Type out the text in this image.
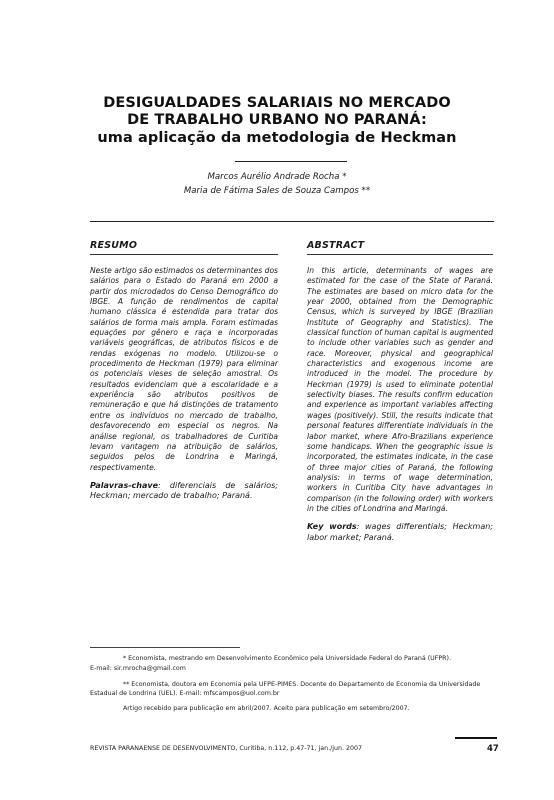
DESIGUALDADES SALARIAIS NO MERCADO
DE TRABALHO URBANO NO PARANÁ:
uma aplicação da metodologia de Heckman
Marcos Aurélio Andrade Rocha *
Maria de Fátima Sales de Souza Campos **
RESUMO

Neste artigo são estimados os determinantes dos salários para o Estado do Paraná em 2000 a partir dos microdados do Censo Demográfico do IBGE. A função de rendimentos de capital humano clássica é estendida para tratar dos salários de forma mais ampla. Foram estimadas equações por gênero e raça e incorporadas variáveis geográficas, de atributos físicos e de rendas exógenas no modelo. Utilizou-se o procedimento de Heckman (1979) para eliminar os potenciais vieses de seleção amostral. Os resultados evidenciam que a escolaridade e a experiência são atributos positivos de remuneração e que há distinções de tratamento entre os indivíduos no mercado de trabalho, desfavorecendo em especial os negros. Na análise regional, os trabalhadores de Curitiba levam vantagem na atribuição de salários, seguidos pelos de Londrina e Maringá, respectivamente.

Palavras-chave: diferenciais de salários; Heckman; mercado de trabalho; Paraná.

ABSTRACT

In this article, determinants of wages are estimated for the case of the State of Paraná. The estimates are based on micro data for the year 2000, obtained from the Demographic Census, which is surveyed by IBGE (Brazilian Institute of Geography and Statistics). The classical function of human capital is augmented to include other variables such as gender and race. Moreover, physical and geographical characteristics and exogenous income are introduced in the model. The procedure by Heckman (1979) is used to eliminate potential selectivity biases. The results confirm education and experience as important variables affecting wages (positively). Still, the results indicate that personal features differentiate individuals in the labor market, where Afro-Brazilians experience some handicaps. When the geographic issue is incorporated, the estimates indicate, in the case of three major cities of Paraná, the following analysis: in terms of wage determination, workers in Curitiba City have advantages in comparison (in the following order) with workers in the cities of Londrina and Maringá.

Key words: wages differentials; Heckman; labor market; Paraná.

* Economista, mestrando em Desenvolvimento Econômico pela Universidade Federal do Paraná (UFPR).
E-mail: sir.mrocha@gmail.com
** Economista, doutora em Economia pela UFPE-PIMES. Docente do Departamento de Economia da Universidade
Estadual de Londrina (UEL). E-mail: mfscampos@uol.com.br
Artigo recebido para publicação em abril/2007. Aceito para publicação em setembro/2007.
REVISTA PARANAENSE DE DESENVOLVIMENTO, Curitiba, n.112, p.47-71, jan./jun. 2007	47
